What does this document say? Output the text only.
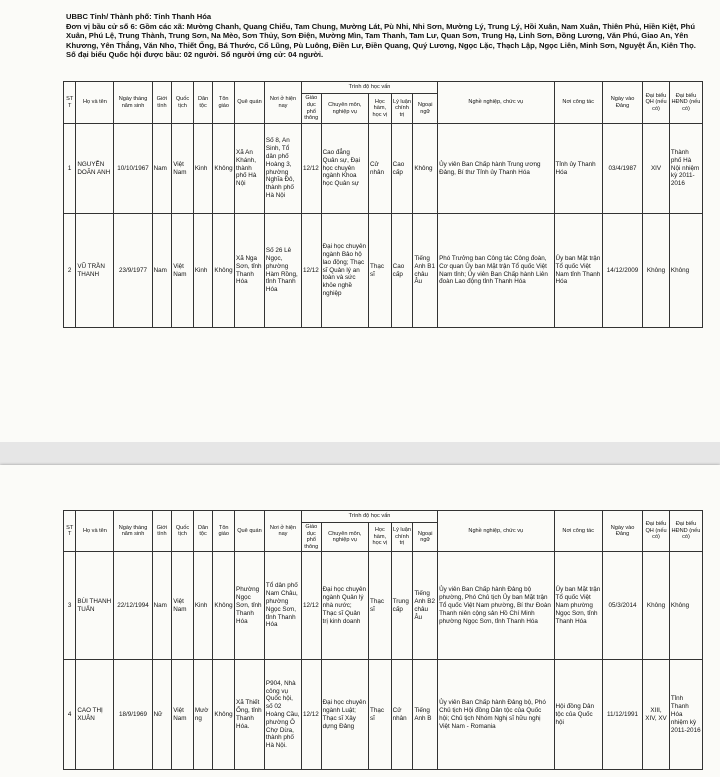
UBBC Tỉnh/ Thành phố: Tỉnh Thanh Hóa
Đơn vị bầu cử số 6: Gồm các xã: Mường Chanh, Quang Chiểu, Tam Chung, Mường Lát, Pù Nhi, Nhi Sơn, Mường Lý, Trung Lý, Hồi Xuân, Nam Xuân, Thiên Phủ, Hiền Kiệt, Phú Xuân, Phú Lệ, Trung Thành, Trung Sơn, Na Mèo, Sơn Thủy, Sơn Điện, Mường Mìn, Tam Thanh, Tam Lư, Quan Sơn, Trung Hạ, Linh Sơn, Đồng Lương, Văn Phú, Giao An, Yên Khương, Yên Thắng, Văn Nho, Thiết Ống, Bá Thước, Cổ Lũng, Pù Luông, Điền Lư, Điền Quang, Quý Lương, Ngọc Lặc, Thạch Lập, Ngọc Liên, Minh Sơn, Nguyệt Ấn, Kiên Thọ.
Số đại biểu Quốc hội được bầu: 02 người. Số người ứng cử: 04 người.
STT	Họ và tên	Ngày tháng năm sinh	Giới tính	Quốc tịch	Dân tộc	Tôn giáo	Quê quán	Nơi ở hiện nay	Trình độ học vấn					Nghề nghiệp, chức vụ	Nơi công tác	Ngày vào Đảng	Đại biểu QH (nếu có)	Đại biểu HĐND (nếu có)
									Giáo dục phổ thông	Chuyên môn, nghiệp vụ	Học hàm, học vị	Lý luận chính trị	Ngoại ngữ					
1	NGUYỄN DOÃN ANH	10/10/1967	Nam	Việt Nam	Kinh	Không	Xã An Khánh, thành phố Hà Nội	Số 8, An Sinh, Tổ dân phố Hoàng 3, phường Nghĩa Đô, thành phố Hà Nội	12/12	Cao đẳng Quân sự, Đại học chuyên ngành Khoa học Quân sự	Cử nhân	Cao cấp	Không	Ủy viên Ban Chấp hành Trung ương Đảng, Bí thư Tỉnh ủy Thanh Hóa	Tỉnh ủy Thanh Hóa	03/4/1987	XIV	Thành phố Hà Nội nhiệm kỳ 2011-2016
2	VŨ TRẦN THANH	23/9/1977	Nam	Việt Nam	Kinh	Không	Xã Nga Sơn, tỉnh Thanh Hóa	Số 26 Lê Ngọc, phường Hàm Rồng, tỉnh Thanh Hóa	12/12	Đại học chuyên ngành Bảo hộ lao động; Thạc sĩ Quản lý an toàn và sức khỏe nghề nghiệp	Thạc sĩ	Cao cấp	Tiếng Anh B1 châu Âu	Phó Trưởng ban Công tác Công đoàn, Cơ quan Ủy ban Mặt trận Tổ quốc Việt Nam tỉnh; Ủy viên Ban Chấp hành Liên đoàn Lao động tỉnh Thanh Hóa	Ủy ban Mặt trận Tổ quốc Việt Nam tỉnh Thanh Hóa	14/12/2009	Không	Không
STT	Họ và tên	Ngày tháng năm sinh	Giới tính	Quốc tịch	Dân tộc	Tôn giáo	Quê quán	Nơi ở hiện nay	Trình độ học vấn					Nghề nghiệp, chức vụ	Nơi công tác	Ngày vào Đảng	Đại biểu QH (nếu có)	Đại biểu HĐND (nếu có)
									Giáo dục phổ thông	Chuyên môn, nghiệp vụ	Học hàm, học vị	Lý luận chính trị	Ngoại ngữ					
3	BÙI THANH TUẤN	22/12/1994	Nam	Việt Nam	Kinh	Không	Phường Ngọc Sơn, tỉnh Thanh Hóa	Tổ dân phố Nam Châu, phường Ngọc Sơn, tỉnh Thanh Hóa	12/12	Đại học chuyên ngành Quản lý nhà nước; Thạc sĩ Quản trị kinh doanh	Thạc sĩ	Trung cấp	Tiếng Anh B2 châu Âu	Ủy viên Ban Chấp hành Đảng bộ phường, Phó Chủ tịch Ủy ban Mặt trận Tổ quốc Việt Nam phường, Bí thư Đoàn Thanh niên cộng sản Hồ Chí Minh phường Ngọc Sơn, tỉnh Thanh Hóa	Ủy ban Mặt trận Tổ quốc Việt Nam phường Ngọc Sơn, tỉnh Thanh Hóa	05/3/2014	Không	Không
4	CAO THỊ XUÂN	18/9/1969	Nữ	Việt Nam	Mường	Không	Xã Thiết Ống, tỉnh Thanh Hóa.	P904, Nhà công vụ Quốc hội, số 02 Hoàng Cầu, phường Ô Chợ Dừa, thành phố Hà Nội.	12/12	Đại học chuyên ngành Luật; Thạc sĩ Xây dựng Đảng	Thạc sĩ	Cử nhân	Tiếng Anh B	Ủy viên Ban Chấp hành Đảng bộ, Phó Chủ tịch Hội đồng Dân tộc của Quốc hội; Chủ tịch Nhóm Nghị sĩ hữu nghị Việt Nam - Romania	Hội đồng Dân tộc của Quốc hội	11/12/1991	XIII, XIV, XV	Tỉnh Thanh Hóa nhiệm kỳ 2011-2016
